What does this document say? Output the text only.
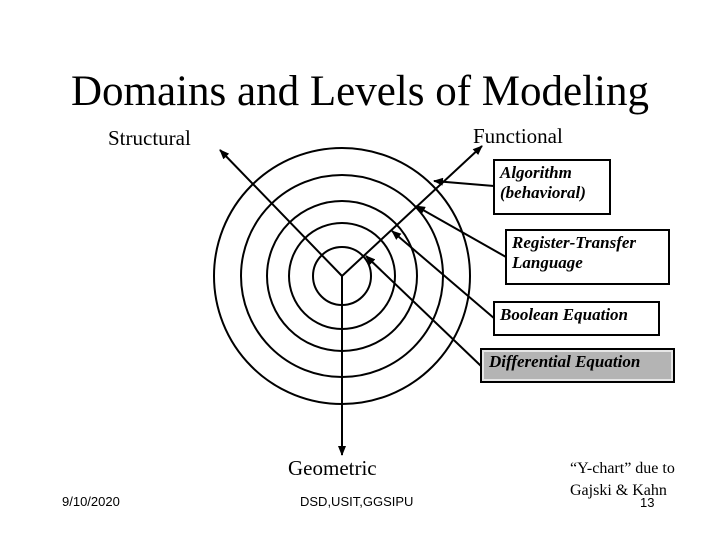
Domains and Levels of Modeling
Structural	Functional
Geometric
Algorithm
(behavioral)
Register-Transfer
Language
Boolean Equation
Differential Equation
9/10/2020	DSD,USIT,GGSIPU
“Y-chart” due to
Gajski & Kahn
13
